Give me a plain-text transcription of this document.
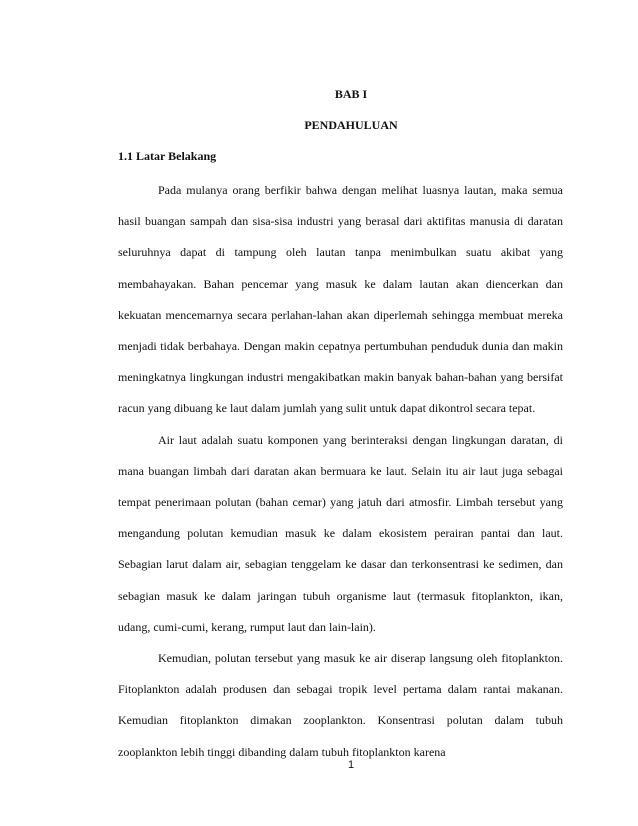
BAB I
PENDAHULUAN
1.1 Latar Belakang

Pada mulanya orang berfikir bahwa dengan melihat luasnya lautan, maka semua hasil buangan sampah dan sisa-sisa industri yang berasal dari aktifitas manusia di daratan seluruhnya dapat di tampung oleh lautan tanpa menimbulkan suatu akibat yang membahayakan. Bahan pencemar yang masuk ke dalam lautan akan diencerkan dan kekuatan mencemarnya secara perlahan-lahan akan diperlemah sehingga membuat mereka menjadi tidak berbahaya. Dengan makin cepatnya pertumbuhan penduduk dunia dan makin meningkatnya lingkungan industri mengakibatkan makin banyak bahan-bahan yang bersifat racun yang dibuang ke laut dalam jumlah yang sulit untuk dapat dikontrol secara tepat.

Air laut adalah suatu komponen yang berinteraksi dengan lingkungan daratan, di mana buangan limbah dari daratan akan bermuara ke laut. Selain itu air laut juga sebagai tempat penerimaan polutan (bahan cemar) yang jatuh dari atmosfir. Limbah tersebut yang mengandung polutan kemudian masuk ke dalam ekosistem perairan pantai dan laut. Sebagian larut dalam air, sebagian tenggelam ke dasar dan terkonsentrasi ke sedimen, dan sebagian masuk ke dalam jaringan tubuh organisme laut (termasuk fitoplankton, ikan, udang, cumi-cumi, kerang, rumput laut dan lain-lain).

Kemudian, polutan tersebut yang masuk ke air diserap langsung oleh fitoplankton. Fitoplankton adalah produsen dan sebagai tropik level pertama dalam rantai makanan. Kemudian fitoplankton dimakan zooplankton. Konsentrasi polutan dalam tubuh zooplankton lebih tinggi dibanding dalam tubuh fitoplankton karena

1
